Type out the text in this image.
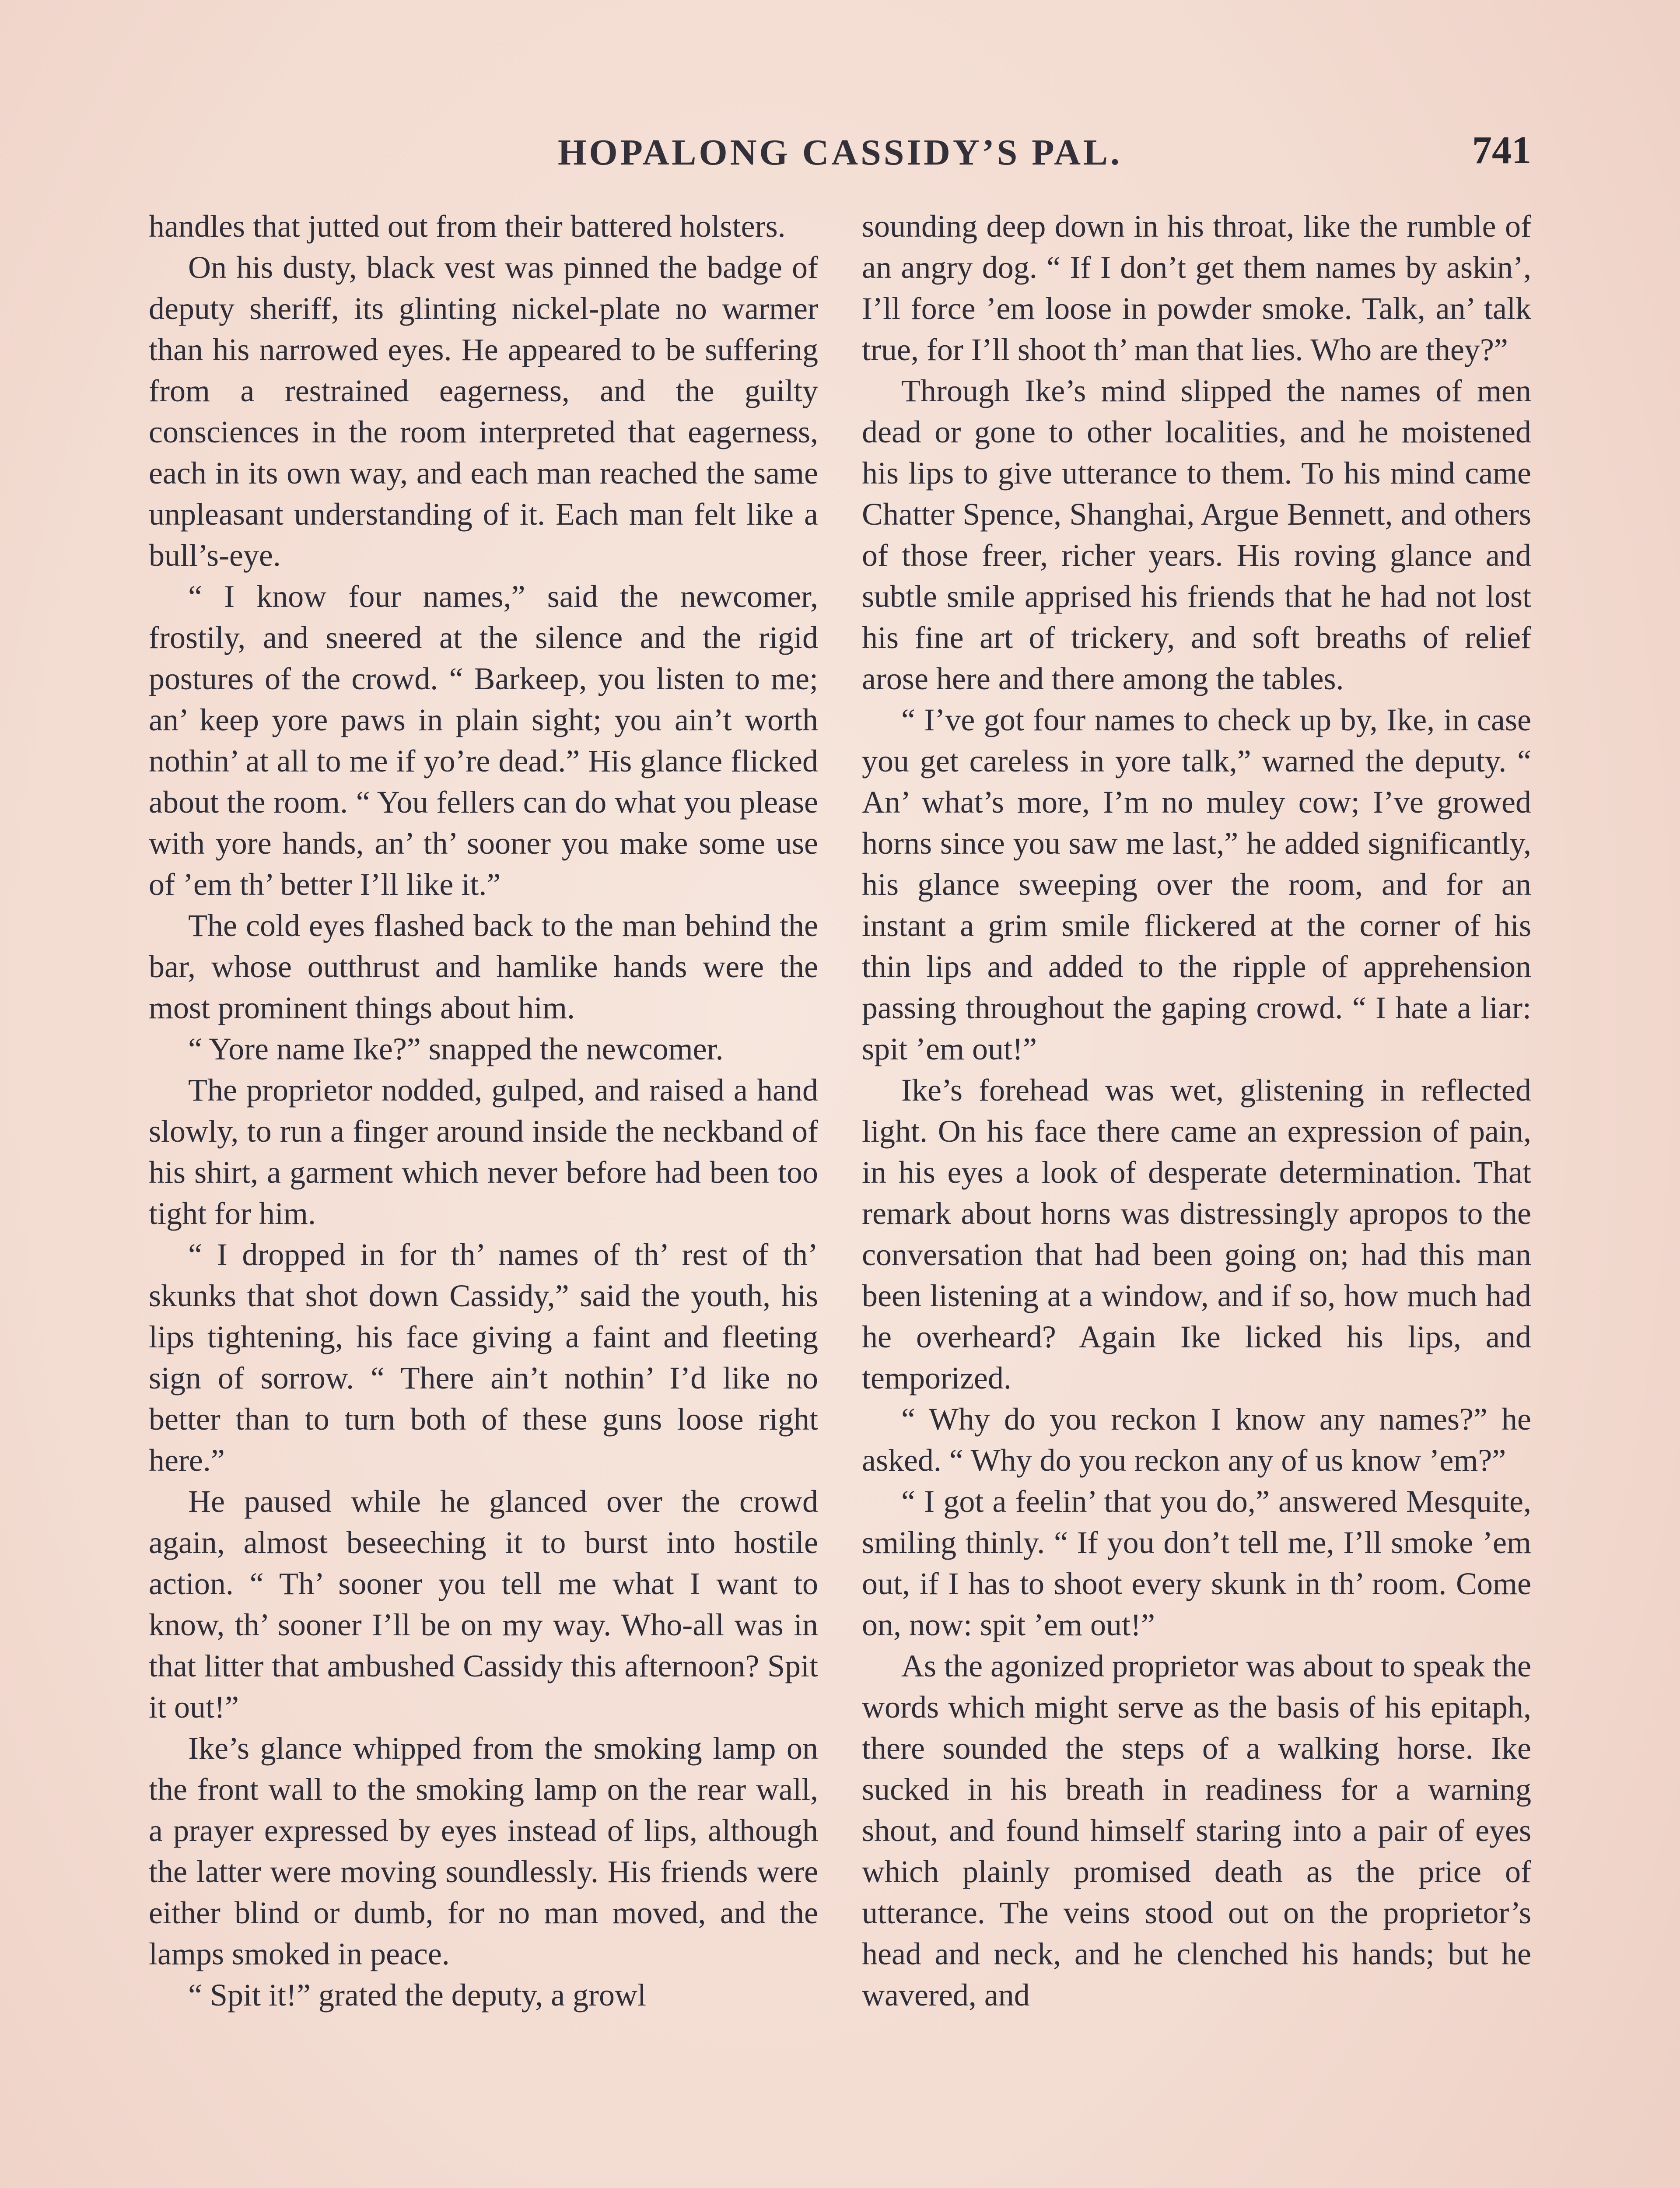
HOPALONG CASSIDY’S PAL.	741

handles that jutted out from their battered holsters.

On his dusty, black vest was pinned the badge of deputy sheriff, its glinting nickel-plate no warmer than his narrowed eyes. He appeared to be suffering from a restrained eagerness, and the guilty consciences in the room interpreted that eagerness, each in its own way, and each man reached the same unpleasant understanding of it. Each man felt like a bull’s-eye.

“ I know four names,” said the newcomer, frostily, and sneered at the silence and the rigid postures of the crowd. “ Barkeep, you listen to me; an’ keep yore paws in plain sight; you ain’t worth nothin’ at all to me if yo’re dead.” His glance flicked about the room. “ You fellers can do what you please with yore hands, an’ th’ sooner you make some use of ’em th’ better I’ll like it.”

The cold eyes flashed back to the man behind the bar, whose outthrust and hamlike hands were the most prominent things about him.

“ Yore name Ike?” snapped the newcomer.

The proprietor nodded, gulped, and raised a hand slowly, to run a finger around inside the neckband of his shirt, a garment which never before had been too tight for him.

“ I dropped in for th’ names of th’ rest of th’ skunks that shot down Cassidy,” said the youth, his lips tightening, his face giving a faint and fleeting sign of sorrow. “ There ain’t nothin’ I’d like no better than to turn both of these guns loose right here.”

He paused while he glanced over the crowd again, almost beseeching it to burst into hostile action. “ Th’ sooner you tell me what I want to know, th’ sooner I’ll be on my way. Who-all was in that litter that ambushed Cassidy this afternoon? Spit it out!”

Ike’s glance whipped from the smoking lamp on the front wall to the smoking lamp on the rear wall, a prayer expressed by eyes instead of lips, although the latter were moving soundlessly. His friends were either blind or dumb, for no man moved, and the lamps smoked in peace.

“ Spit it!” grated the deputy, a growl

sounding deep down in his throat, like the rumble of an angry dog. “ If I don’t get them names by askin’, I’ll force ’em loose in powder smoke. Talk, an’ talk true, for I’ll shoot th’ man that lies. Who are they?”

Through Ike’s mind slipped the names of men dead or gone to other localities, and he moistened his lips to give utterance to them. To his mind came Chatter Spence, Shanghai, Argue Bennett, and others of those freer, richer years. His roving glance and subtle smile apprised his friends that he had not lost his fine art of trickery, and soft breaths of relief arose here and there among the tables.

“ I’ve got four names to check up by, Ike, in case you get careless in yore talk,” warned the deputy. “ An’ what’s more, I’m no muley cow; I’ve growed horns since you saw me last,” he added significantly, his glance sweeping over the room, and for an instant a grim smile flickered at the corner of his thin lips and added to the ripple of apprehension passing throughout the gaping crowd. “ I hate a liar: spit ’em out!”

Ike’s forehead was wet, glistening in reflected light. On his face there came an expression of pain, in his eyes a look of desperate determination. That remark about horns was distressingly apropos to the conversation that had been going on; had this man been listening at a window, and if so, how much had he overheard? Again Ike licked his lips, and temporized.

“ Why do you reckon I know any names?” he asked. “ Why do you reckon any of us know ’em?”

“ I got a feelin’ that you do,” answered Mesquite, smiling thinly. “ If you don’t tell me, I’ll smoke ’em out, if I has to shoot every skunk in th’ room. Come on, now: spit ’em out!”

As the agonized proprietor was about to speak the words which might serve as the basis of his epitaph, there sounded the steps of a walking horse. Ike sucked in his breath in readiness for a warning shout, and found himself staring into a pair of eyes which plainly promised death as the price of utterance. The veins stood out on the proprietor’s head and neck, and he clenched his hands; but he wavered, and
